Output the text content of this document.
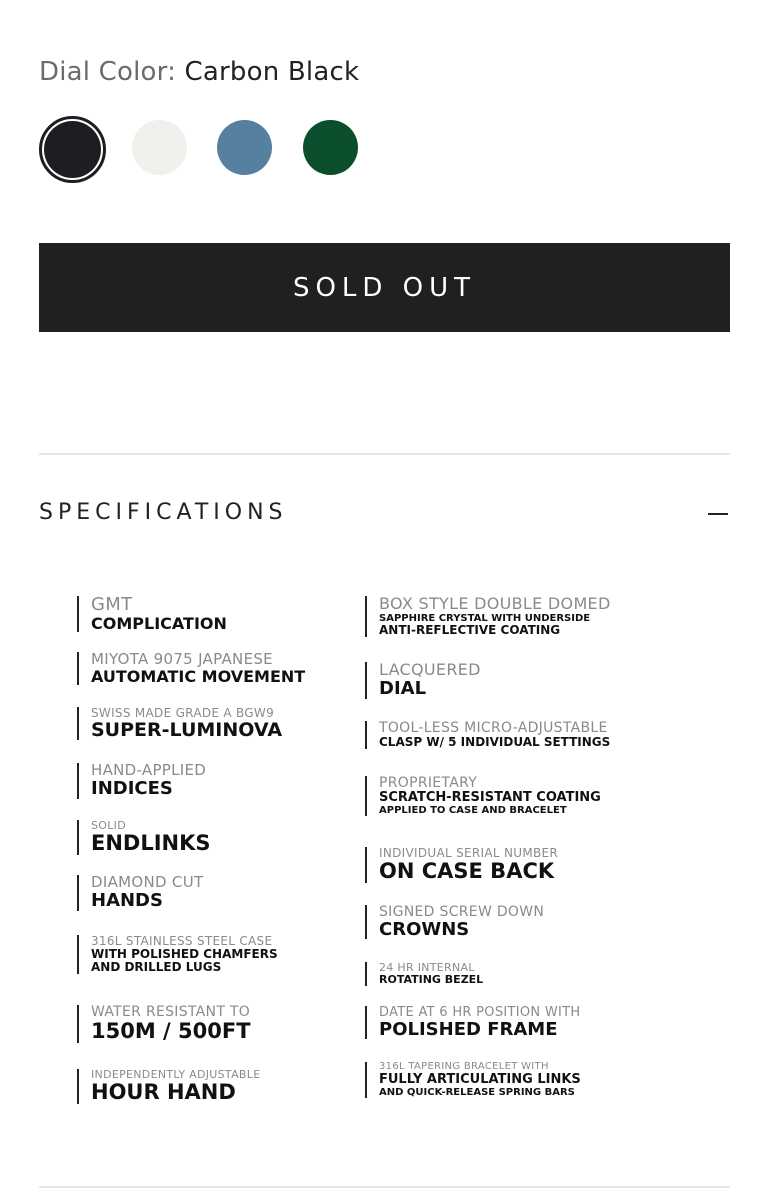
Dial Color: Carbon Black
SOLD OUT
SPECIFICATIONS
GMT
COMPLICATION
MIYOTA 9075 JAPANESE
AUTOMATIC MOVEMENT
SWISS MADE GRADE A BGW9
SUPER-LUMINOVA
HAND-APPLIED
INDICES
SOLID
ENDLINKS
DIAMOND CUT
HANDS
316L STAINLESS STEEL CASE
WITH POLISHED CHAMFERS
AND DRILLED LUGS
WATER RESISTANT TO
150M / 500FT
INDEPENDENTLY ADJUSTABLE
HOUR HAND
BOX STYLE DOUBLE DOMED
SAPPHIRE CRYSTAL WITH UNDERSIDE
ANTI-REFLECTIVE COATING
LACQUERED
DIAL
TOOL-LESS MICRO-ADJUSTABLE
CLASP W/ 5 INDIVIDUAL SETTINGS
PROPRIETARY
SCRATCH-RESISTANT COATING
APPLIED TO CASE AND BRACELET
INDIVIDUAL SERIAL NUMBER
ON CASE BACK
SIGNED SCREW DOWN
CROWNS
24 HR INTERNAL
ROTATING BEZEL
DATE AT 6 HR POSITION WITH
POLISHED FRAME
316L TAPERING BRACELET WITH
FULLY ARTICULATING LINKS
AND QUICK-RELEASE SPRING BARS
